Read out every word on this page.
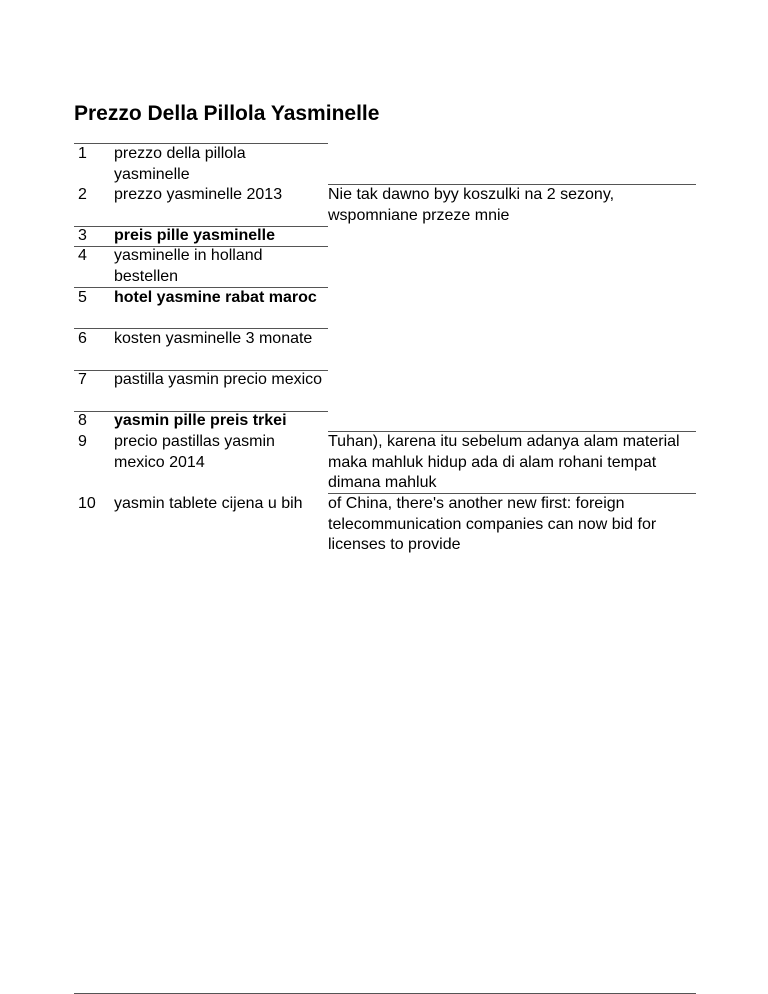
Prezzo Della Pillola Yasminelle
1 prezzo della pillola yasminelle
2 prezzo yasminelle 2013
3 preis pille yasminelle
4 yasminelle in holland bestellen
5 hotel yasmine rabat maroc
6 kosten yasminelle 3 monate
7 pastilla yasmin precio mexico
8 yasmin pille preis trkei
9 precio pastillas yasmin mexico 2014
10 yasmin tablete cijena u bih
Nie tak dawno byy koszulki na 2 sezony, wspomniane przeze mnie
Tuhan), karena itu sebelum adanya alam material maka mahluk hidup ada di alam rohani tempat dimana mahluk
of China, there's another new first: foreign telecommunication companies can now bid for licenses to provide
